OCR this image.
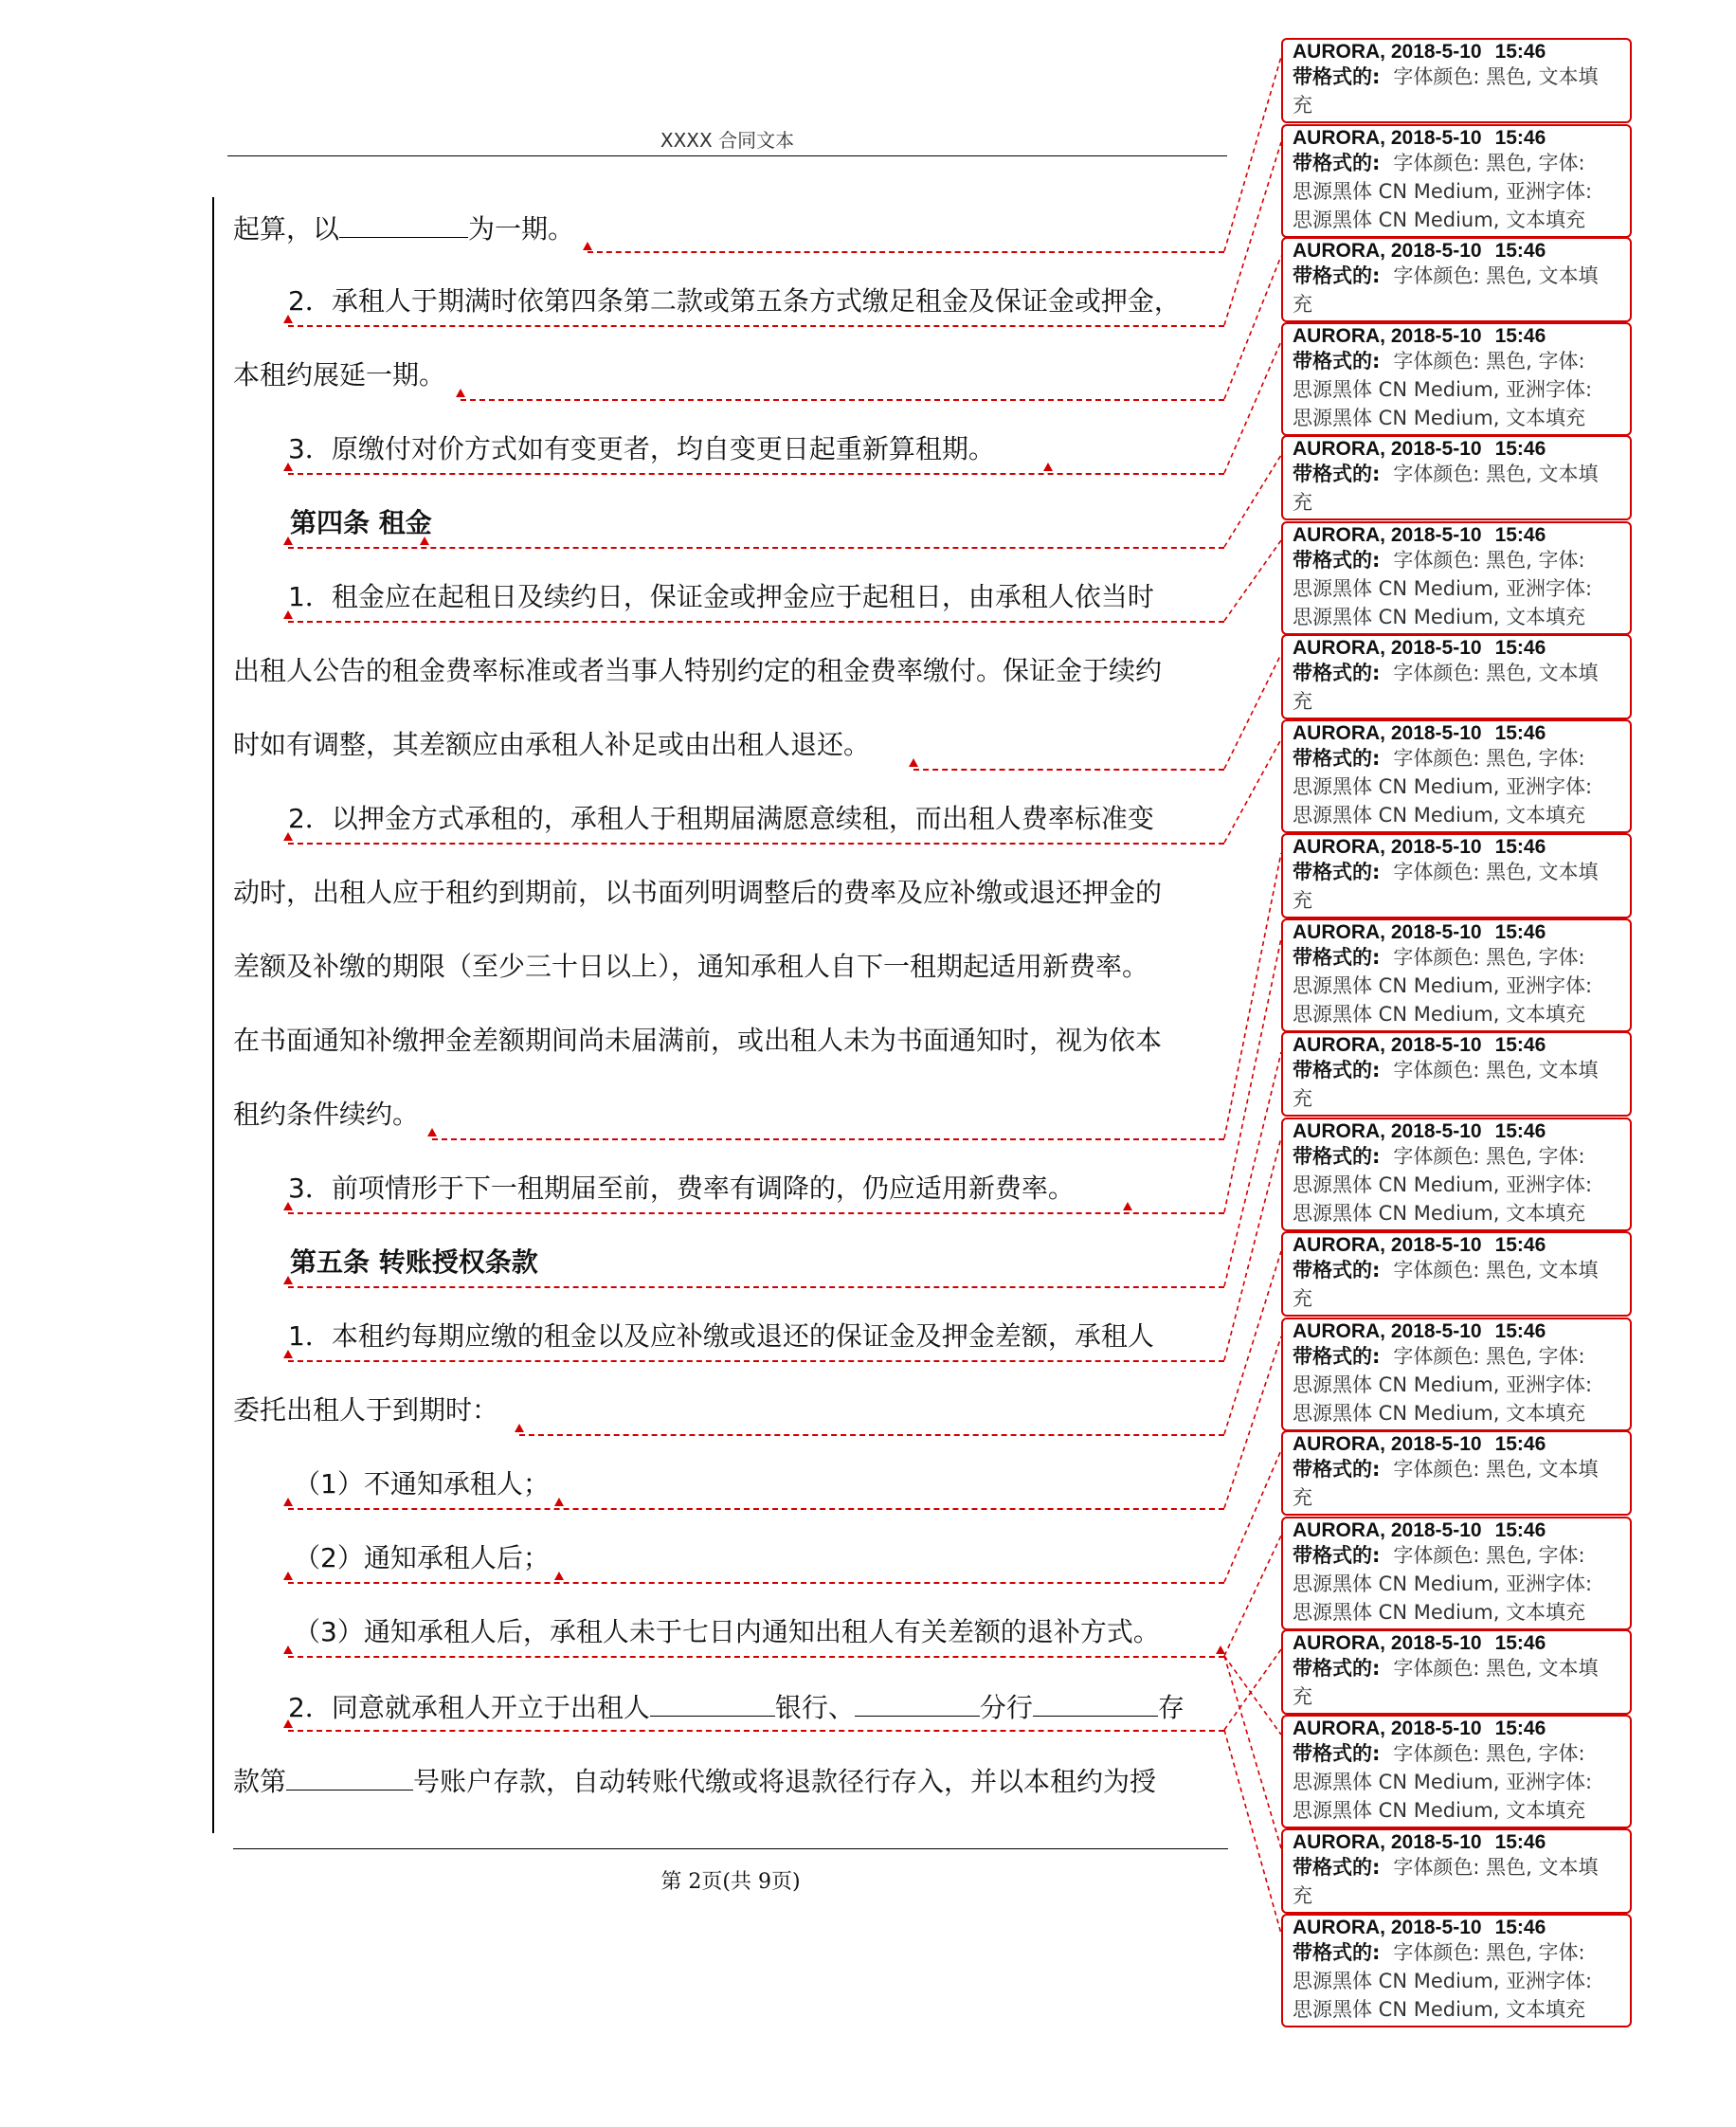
XXXX 合同文本
起算，以	为一期。
2．承租人于期满时依第四条第二款或第五条方式缴足租金及保证金或押金，
本租约展延一期。
3．原缴付对价方式如有变更者，均自变更日起重新算租期。
第四条 租金
1．租金应在起租日及续约日，保证金或押金应于起租日，由承租人依当时
出租人公告的租金费率标准或者当事人特别约定的租金费率缴付。保证金于续约
时如有调整，其差额应由承租人补足或由出租人退还。
2．以押金方式承租的，承租人于租期届满愿意续租，而出租人费率标准变
动时，出租人应于租约到期前，以书面列明调整后的费率及应补缴或退还押金的
差额及补缴的期限（至少三十日以上），通知承租人自下一租期起适用新费率。
在书面通知补缴押金差额期间尚未届满前，或出租人未为书面通知时，视为依本
租约条件续约。
3．前项情形于下一租期届至前，费率有调降的，仍应适用新费率。
第五条 转账授权条款
1．本租约每期应缴的租金以及应补缴或退还的保证金及押金差额，承租人
委托出租人于到期时：
（1）不通知承租人；
（2）通知承租人后；
（3）通知承租人后，承租人未于七日内通知出租人有关差额的退补方式。
2．同意就承租人开立于出租人	银行、	分行	存
款第	号账户存款，自动转账代缴或将退款径行存入，并以本租约为授
AURORA, 2018-5-10 15:46
带格式的: 字体颜色: 黑色, 文本填
充
AURORA, 2018-5-10 15:46
带格式的: 字体颜色: 黑色, 字体:
思源黑体 CN Medium, 亚洲字体:
思源黑体 CN Medium, 文本填充
AURORA, 2018-5-10 15:46
带格式的: 字体颜色: 黑色, 文本填
充
AURORA, 2018-5-10 15:46
带格式的: 字体颜色: 黑色, 字体:
思源黑体 CN Medium, 亚洲字体:
思源黑体 CN Medium, 文本填充
AURORA, 2018-5-10 15:46
带格式的: 字体颜色: 黑色, 文本填
充
AURORA, 2018-5-10 15:46
带格式的: 字体颜色: 黑色, 字体:
思源黑体 CN Medium, 亚洲字体:
思源黑体 CN Medium, 文本填充
AURORA, 2018-5-10 15:46
带格式的: 字体颜色: 黑色, 文本填
充
AURORA, 2018-5-10 15:46
带格式的: 字体颜色: 黑色, 字体:
思源黑体 CN Medium, 亚洲字体:
思源黑体 CN Medium, 文本填充
AURORA, 2018-5-10 15:46
带格式的: 字体颜色: 黑色, 文本填
充
AURORA, 2018-5-10 15:46
带格式的: 字体颜色: 黑色, 字体:
思源黑体 CN Medium, 亚洲字体:
思源黑体 CN Medium, 文本填充
AURORA, 2018-5-10 15:46
带格式的: 字体颜色: 黑色, 文本填
充
AURORA, 2018-5-10 15:46
带格式的: 字体颜色: 黑色, 字体:
思源黑体 CN Medium, 亚洲字体:
思源黑体 CN Medium, 文本填充
AURORA, 2018-5-10 15:46
带格式的: 字体颜色: 黑色, 文本填
充
AURORA, 2018-5-10 15:46
带格式的: 字体颜色: 黑色, 字体:
思源黑体 CN Medium, 亚洲字体:
思源黑体 CN Medium, 文本填充
AURORA, 2018-5-10 15:46
带格式的: 字体颜色: 黑色, 文本填
充
AURORA, 2018-5-10 15:46
带格式的: 字体颜色: 黑色, 字体:
思源黑体 CN Medium, 亚洲字体:
思源黑体 CN Medium, 文本填充
AURORA, 2018-5-10 15:46
带格式的: 字体颜色: 黑色, 文本填
充
AURORA, 2018-5-10 15:46
带格式的: 字体颜色: 黑色, 字体:
思源黑体 CN Medium, 亚洲字体:
思源黑体 CN Medium, 文本填充
AURORA, 2018-5-10 15:46
带格式的: 字体颜色: 黑色, 文本填
充
AURORA, 2018-5-10 15:46
带格式的: 字体颜色: 黑色, 字体:
思源黑体 CN Medium, 亚洲字体:
思源黑体 CN Medium, 文本填充
第 2页(共 9页)
